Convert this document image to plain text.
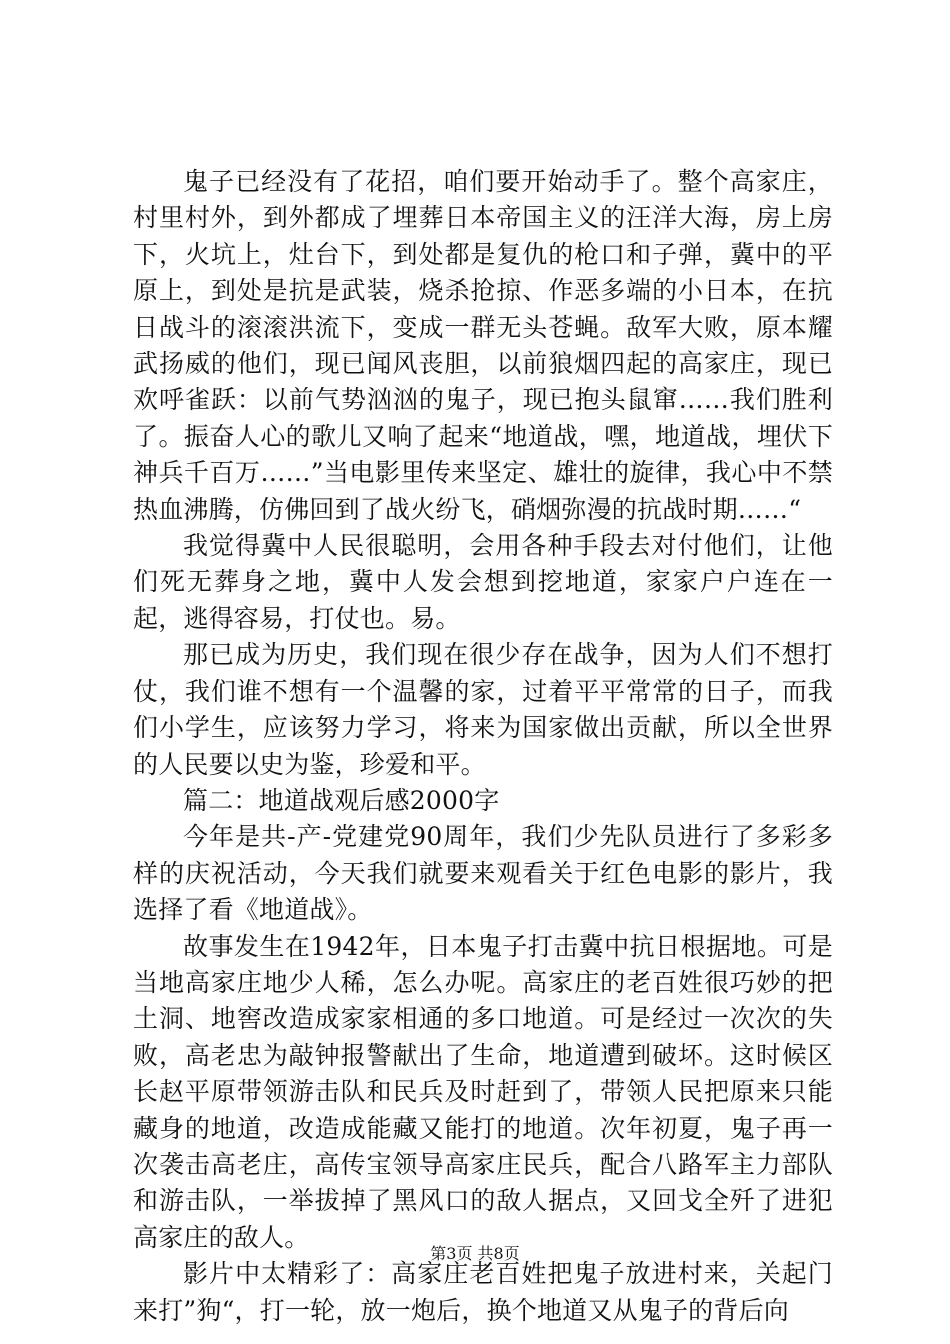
鬼子已经没有了花招，咱们要开始动手了。整个高家庄，村里村外，到外都成了埋葬日本帝国主义的汪洋大海，房上房下，火坑上，灶台下，到处都是复仇的枪口和子弹，冀中的平原上，到处是抗是武装，烧杀抢掠、作恶多端的小日本，在抗日战斗的滚滚洪流下，变成一群无头苍蝇。敌军大败，原本耀武扬威的他们，现已闻风丧胆，以前狼烟四起的高家庄，现已欢呼雀跃：以前气势汹汹的鬼子，现已抱头鼠窜……我们胜利了。振奋人心的歌儿又响了起来“地道战，嘿，地道战，埋伏下神兵千百万……”当电影里传来坚定、雄壮的旋律，我心中不禁热血沸腾，仿佛回到了战火纷飞，硝烟弥漫的抗战时期……“

我觉得冀中人民很聪明，会用各种手段去对付他们，让他们死无葬身之地，冀中人发会想到挖地道，家家户户连在一起，逃得容易，打仗也。易。

那已成为历史，我们现在很少存在战争，因为人们不想打仗，我们谁不想有一个温馨的家，过着平平常常的日子，而我们小学生，应该努力学习，将来为国家做出贡献，所以全世界的人民要以史为鉴，珍爱和平。

篇二：地道战观后感2000字

今年是共-产-党建党90周年，我们少先队员进行了多彩多样的庆祝活动，今天我们就要来观看关于红色电影的影片，我选择了看《地道战》。

故事发生在1942年，日本鬼子打击冀中抗日根据地。可是当地高家庄地少人稀，怎么办呢。高家庄的老百姓很巧妙的把土洞、地窖改造成家家相通的多口地道。可是经过一次次的失败，高老忠为敲钟报警献出了生命，地道遭到破坏。这时候区长赵平原带领游击队和民兵及时赶到了，带领人民把原来只能藏身的地道，改造成能藏又能打的地道。次年初夏，鬼子再一次袭击高老庄，高传宝领导高家庄民兵，配合八路军主力部队和游击队，一举拔掉了黑风口的敌人据点，又回戈全歼了进犯高家庄的敌人。

影片中太精彩了：高家庄老百姓把鬼子放进村来，关起门来打”狗“，打一轮，放一炮后，换个地道又从鬼子的背后向

第3页 共8页
